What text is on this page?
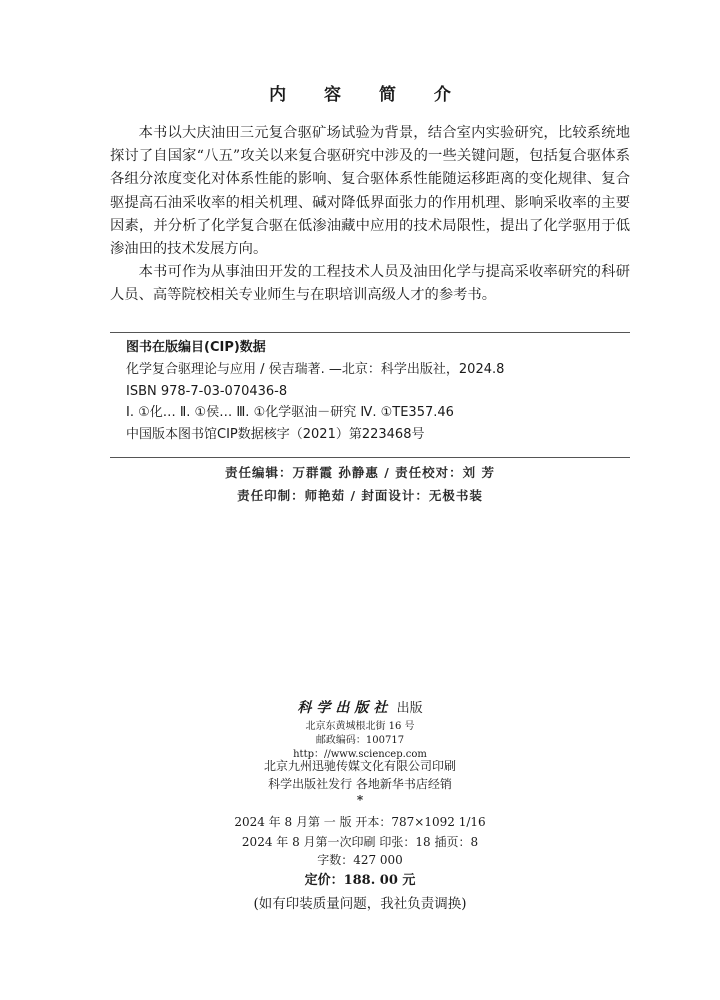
内 容 简 介

本书以大庆油田三元复合驱矿场试验为背景，结合室内实验研究，比较系统地探讨了自国家“八五”攻关以来复合驱研究中涉及的一些关键问题，包括复合驱体系各组分浓度变化对体系性能的影响、复合驱体系性能随运移距离的变化规律、复合驱提高石油采收率的相关机理、碱对降低界面张力的作用机理、影响采收率的主要因素，并分析了化学复合驱在低渗油藏中应用的技术局限性，提出了化学驱用于低渗油田的技术发展方向。

本书可作为从事油田开发的工程技术人员及油田化学与提高采收率研究的科研人员、高等院校相关专业师生与在职培训高级人才的参考书。

图书在版编目(CIP)数据
化学复合驱理论与应用 / 侯吉瑞著. —北京：科学出版社，2024.8
ISBN 978-7-03-070436-8
Ⅰ. ①化… Ⅱ. ①侯… Ⅲ. ①化学驱油－研究 Ⅳ. ①TE357.46
中国版本图书馆CIP数据核字（2021）第223468号
责任编辑：万群霞 孙静惠 / 责任校对：刘 芳
责任印制：师艳茹 / 封面设计：无极书装
科学出版社 出版
北京东黄城根北街 16 号
邮政编码：100717
http：//www.sciencep.com
北京九州迅驰传媒文化有限公司印刷
科学出版社发行 各地新华书店经销
*
2024 年 8 月第 一 版 开本：787×1092 1/16
2024 年 8 月第一次印刷 印张：18 插页：8
字数：427 000
定价：188. 00 元
(如有印装质量问题，我社负责调换)
